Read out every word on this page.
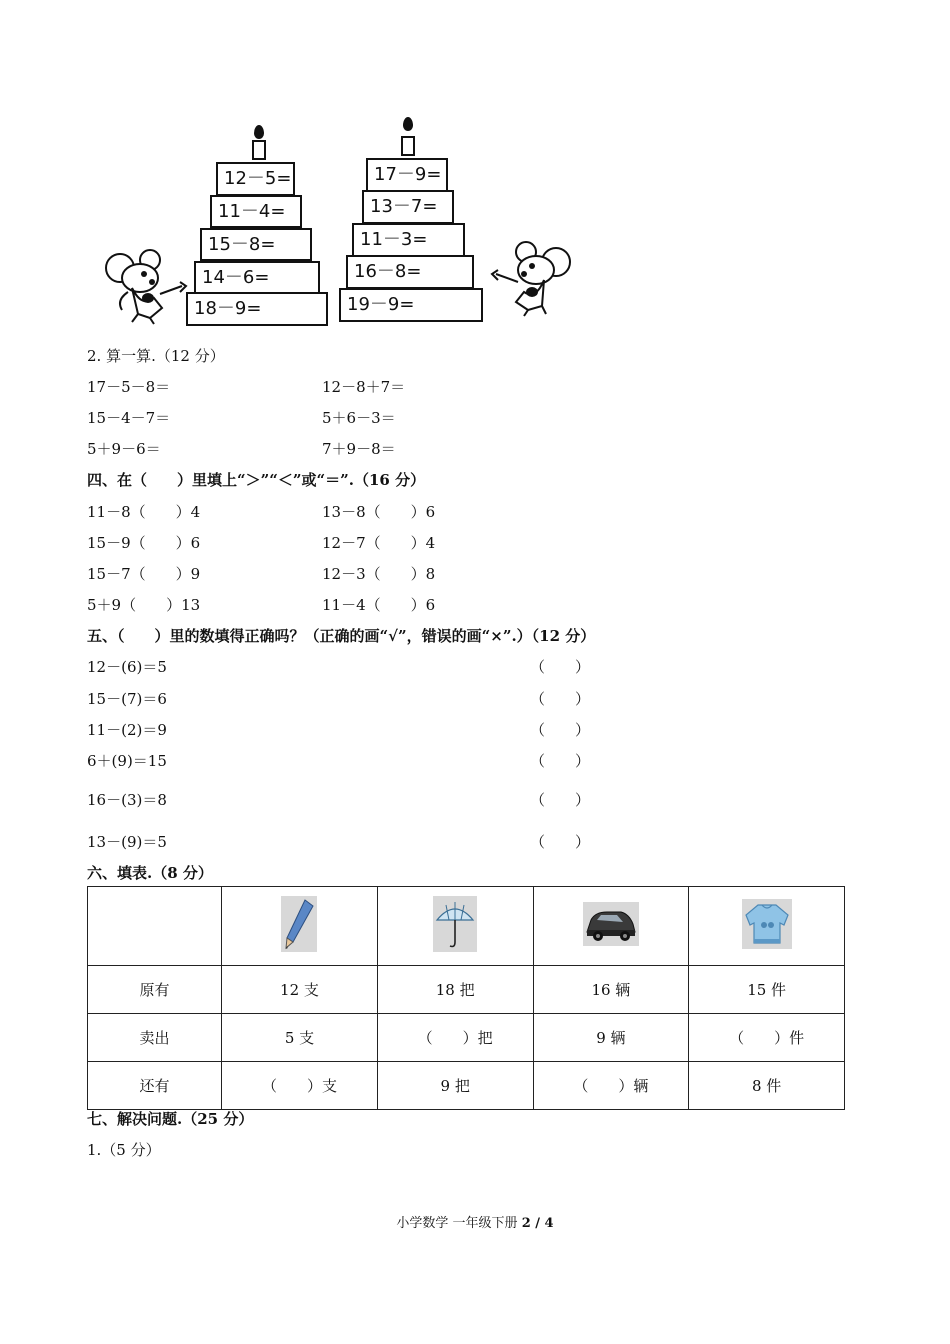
12－5=
11－4=
15－8=
14－6=
18－9=
17－9=
13－7=
11－3=
16－8=
19－9=
2. 算一算.（12 分）
17－5－8＝	12－8＋7＝
15－4－7＝	5＋6－3＝
5＋9－6＝	7＋9－8＝
四、在（　　）里填上“＞”“＜”或“＝”.（16 分）
11－8（　　）4	13－8（　　）6
15－9（　　）6	12－7（　　）4
15－7（　　）9	12－3（　　）8
5＋9（　　）13	11－4（　　）6
五、（　　）里的数填得正确吗？（正确的画“√”，错误的画“×”.）（12 分）
12－(6)＝5	（　　）
15－(7)＝6	（　　）
11－(2)＝9	（　　）
6＋(9)＝15	（　　）
16－(3)＝8	（　　）
13－(9)＝5	（　　）
六、填表.（8 分）

原有	12 支	18 把	16 辆	15 件
卖出	5 支	（　　）把	9 辆	（　　）件
还有	（　　）支	9 把	（　　）辆	8 件
七、解决问题.（25 分）
1.（5 分）
小学数学 一年级下册 2 / 4
